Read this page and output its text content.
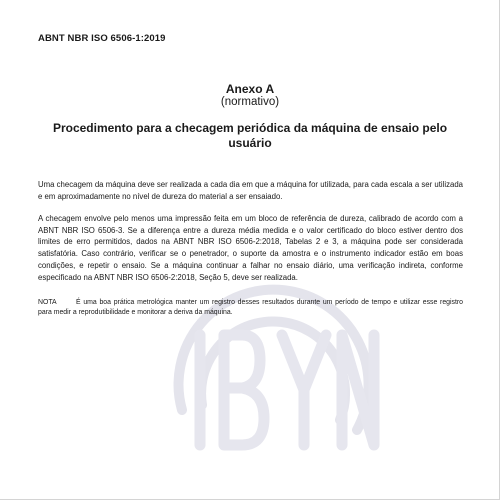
ABNT NBR ISO 6506-1:2019
Anexo A
(normativo)
Procedimento para a checagem periódica da máquina de ensaio pelo usuário

Uma checagem da máquina deve ser realizada a cada dia em que a máquina for utilizada, para cada escala a ser utilizada e em aproximadamente no nível de dureza do material a ser ensaiado.

A checagem envolve pelo menos uma impressão feita em um bloco de referência de dureza, calibrado de acordo com a ABNT NBR ISO 6506-3. Se a diferença entre a dureza média medida e o valor certificado do bloco estiver dentro dos limites de erro permitidos, dados na ABNT NBR ISO 6506-2:2018, Tabelas 2 e 3, a máquina pode ser considerada satisfatória. Caso contrário, verificar se o penetrador, o suporte da amostra e o instrumento indicador estão em boas condições, e repetir o ensaio. Se a máquina continuar a falhar no ensaio diário, uma verificação indireta, conforme especificado na ABNT NBR ISO 6506-2:2018, Seção 5, deve ser realizada.

NOTA	É uma boa prática metrológica manter um registro desses resultados durante um período de tempo e utilizar esse registro para medir a reprodutibilidade e monitorar a deriva da máquina.
